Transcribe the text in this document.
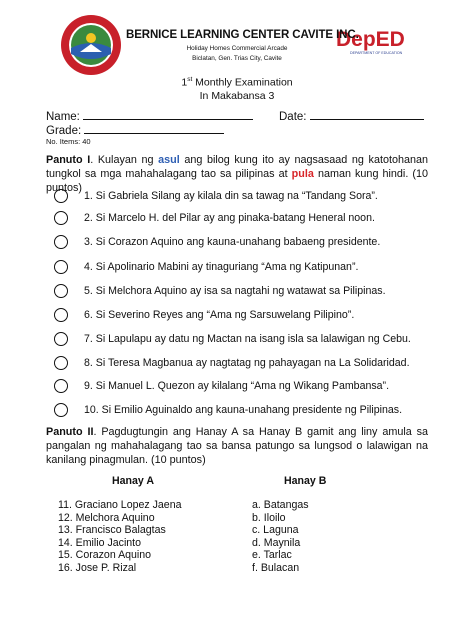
DepED
DEPARTMENT OF EDUCATION
BERNICE LEARNING CENTER CAVITE INC.
Holiday Homes Commercial Arcade
Biclatan, Gen. Trias City, Cavite
1st Monthly Examination
In Makabansa 3
Name:	Date:
Grade:
No. Items: 40
Panuto I. Kulayan ng asul ang bilog kung ito ay nagsasaad ng katotohanan tungkol sa mga mahahalagang tao sa pilipinas at pula naman kung hindi. (10 puntos)
1. Si Gabriela Silang ay kilala din sa tawag na “Tandang Sora”.
2. Si Marcelo H. del Pilar ay ang pinaka-batang Heneral noon.
3. Si Corazon Aquino ang kauna-unahang babaeng presidente.
4. Si Apolinario Mabini ay tinaguriang “Ama ng Katipunan”.
5. Si Melchora Aquino ay isa sa nagtahi ng watawat sa Pilipinas.
6. Si Severino Reyes ang “Ama ng Sarsuwelang Pilipino”.
7. Si Lapulapu ay datu ng Mactan na isang isla sa lalawigan ng Cebu.
8. Si Teresa Magbanua ay nagtatag ng pahayagan na La Solidaridad.
9. Si Manuel L. Quezon ay kilalang “Ama ng Wikang Pambansa”.
10. Si Emilio Aguinaldo ang kauna-unahang presidente ng Pilipinas.
Panuto II. Pagdugtungin ang Hanay A sa Hanay B gamit ang liny amula sa pangalan ng mahahalagang tao sa bansa patungo sa lungsod o lalawigan na kanilang pinagmulan. (10 puntos)
Hanay A	Hanay B
11. Graciano Lopez Jaena
12. Melchora Aquino
13. Francisco Balagtas
14. Emilio Jacinto
15. Corazon Aquino
16. Jose P. Rizal
a. Batangas
b. Iloilo
c. Laguna
d. Maynila
e. Tarlac
f. Bulacan
